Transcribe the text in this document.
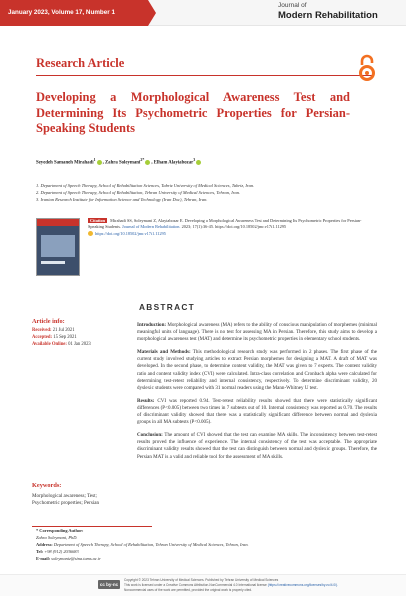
January 2023, Volume 17, Number 1
Journal of
Modern Rehabilitation
Research Article
Developing a Morphological Awareness Test and Determining Its Psychometric Properties for Persian-Speaking Students
Seyedeh Samaneh Mirahadi$^1$, Zahra Soleymani$^{2*}$, Elham Alayiabozar$^3$
1. Department of Speech Therapy, School of Rehabilitation Sciences, Tabriz University of Medical Sciences, Tabriz, Iran.
2. Department of Speech Therapy, School of Rehabilitation, Tehran University of Medical Sciences, Tehran, Iran.
3. Iranian Research Institute for Information Science and Technology (Iran Doc), Tehran, Iran.
Citation Mirahadi SS, Soleymani Z, Alayiabozar E. Developing a Morphological Awareness Test and Determining Its Psychometric Properties for Persian-Speaking Students. Journal of Modern Rehabilitation. 2023; 17(1):36-45. https://doi.org/10.18502/jmr.v17i1.11295
https://doi.org/10.18502/jmr.v17i1.11295
Article info:
Received: 21 Jul 2021
Accepted: 15 Sep 2021
Available Online: 01 Jan 2023
Keywords:
Morphological awareness; Test; Psychometric properties; Persian
ABSTRACT

Introduction: Morphological awareness (MA) refers to the ability of conscious manipulation of morphemes (minimal meaningful units of language). There is no test for assessing MA in Persian. Therefore, this study aims to develop a morphological awareness test (MAT) and determine its psychometric properties in elementary school students.

Materials and Methods: This methodological research study was performed in 2 phases. The first phase of the current study involved studying articles to extract Persian morphemes for designing a MAT. A draft of MAT was developed. In the second phase, to determine content validity, the MAT was given to 7 experts. The content validity ratio and content validity index (CVI) were calculated. Intra-class correlation and Cronbach alpha were calculated for determining test-retest reliability and internal consistency, respectively. To determine discriminant validity, 20 dyslexic students were compared with 31 normal readers using the Mann-Whitney U test.

Results: CVI was reported 0.94. Test-retest reliability results showed that there were statistically significant differences (P<0.005) between two times in 7 subtests out of 10. Internal consistency was reported as 0.70. The results of discriminant validity showed that there was a statistically significant difference between normal and dyslexia groups in all MA subtests (P<0.005).

Conclusion: The amount of CVI showed that the test can examine MA skills. The inconsistency between test-retest results proved the influence of experience. The internal consistency of the test was acceptable. The appropriate discriminant validity results showed that the test can distinguish between normal and dyslexic groups. Therefore, the Persian MAT is a valid and reliable tool for the assessment of MA skills.

* Corresponding Author:
Zahra Soleymani, PhD.
Address: Department of Speech Therapy, School of Rehabilitation, Tehran University of Medical Sciences, Tehran, Iran.
Tel: +98 (912) 2036683
E-mail: soleymaniz@sina.tums.ac.ir
cc by-nc
Copyright © 2023 Tehran University of Medical Sciences. Published by Tehran University of Medical Sciences
This work is licensed under a Creative Commons Attribution-NonCommercial 4.0 International license (https://creativecommons.org/licenses/by-nc/4.0/).
Noncommercial uses of the work are permitted, provided the original work is properly cited.
